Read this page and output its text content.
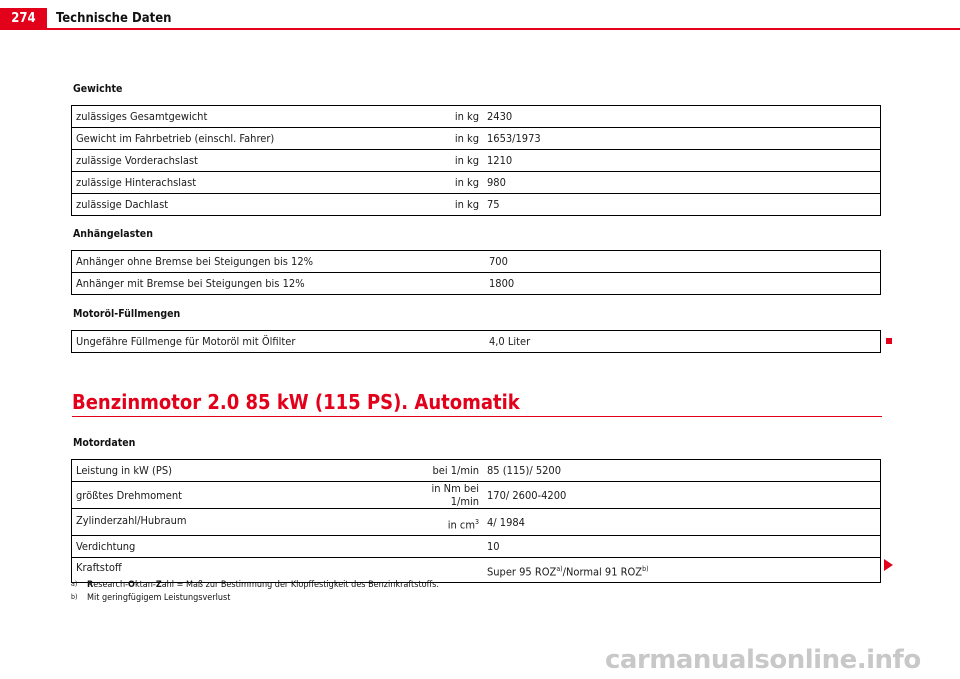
274	Technische Daten
Gewichte
zulässiges Gesamtgewicht	in kg	2430
Gewicht im Fahrbetrieb (einschl. Fahrer)	in kg	1653/1973
zulässige Vorderachslast	in kg	1210
zulässige Hinterachslast	in kg	980
zulässige Dachlast	in kg	75
Anhängelasten
Anhänger ohne Bremse bei Steigungen bis 12%	700
Anhänger mit Bremse bei Steigungen bis 12%	1800
Motoröl-Füllmengen
Ungefähre Füllmenge für Motoröl mit Ölfilter	4,0 Liter
Benzinmotor 2.0 85 kW (115 PS). Automatik
Motordaten
Leistung in kW (PS)	bei 1/min	85 (115)/ 5200
größtes Drehmoment	in Nm bei 1/min	170/ 2600-4200
Zylinderzahl/Hubraum	in $cm^3$	4/ 1984
Verdichtung		10
Kraftstoff		Super 95 ROZ$^{a)}$/Normal 91 ROZ$^{b)}$
a) Research-Oktan-Zahl = Maß zur Bestimmung der Klopffestigkeit des Benzinkraftstoffs.
b) Mit geringfügigem Leistungsverlust
carmanualsonline.info
